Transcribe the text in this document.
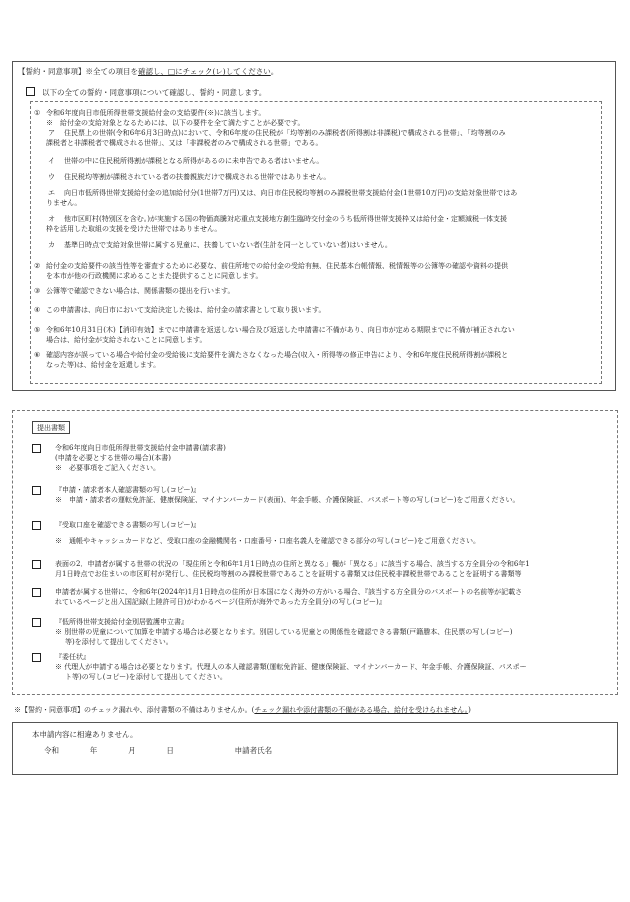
【誓約・同意事項】※全ての項目を確認し、□にチェック(レ)してください。
以下の全ての誓約・同意事項について確認し、誓約・同意します。
① 令和6年度向日市低所得世帯支援給付金の支給要件(※)に該当します。
※　給付金の支給対象となるためには、以下の要件を全て満たすことが必要です。
ア 住民票上の世帯(令和6年6月3日時点)において、令和6年度の住民税が「均等割のみ課税者(所得割は非課税)で構成される世帯」、「均等割のみ
課税者と非課税者で構成される世帯」、又は「非課税者のみで構成される世帯」である。
イ 世帯の中に住民税所得割が課税となる所得があるのに未申告である者はいません。
ウ 住民税均等割が課税されている者の扶養親族だけで構成される世帯ではありません。
エ 向日市低所得世帯支援給付金の追加給付分(1世帯7万円)又は、向日市住民税均等割のみ課税世帯支援給付金(1世帯10万円)の支給対象世帯ではあ
りません。
オ 他市区町村(特別区を含む。)が実施する国の物価高騰対応重点支援地方創生臨時交付金のうち低所得世帯支援枠又は給付金・定額減税一体支援
枠を活用した取組の支援を受けた世帯ではありません。
カ 基準日時点で支給対象世帯に属する児童に、扶養していない者(生計を同一としていない者)はいません。
② 給付金の支給要件の該当性等を審査するために必要な、前住所地での給付金の受給有無、住民基本台帳情報、税情報等の公簿等の確認や資料の提供
を本市が他の行政機関に求めることまた提供することに同意します。
③ 公簿等で確認できない場合は、関係書類の提出を行います。
④ この申請書は、向日市において支給決定した後は、給付金の請求書として取り扱います。
⑤ 令和6年10月31日(木)【消印有効】までに申請書を返送しない場合及び返送した申請書に不備があり、向日市が定める期限までに不備が補正されない
場合は、給付金が支給されないことに同意します。
⑥ 確認内容が誤っている場合や給付金の受給後に支給要件を満たさなくなった場合(収入・所得等の修正申告により、令和6年度住民税所得割が課税と
なった等)は、給付金を返還します。
提出書類
令和6年度向日市低所得世帯支援給付金申請書(請求書)
(申請を必要とする世帯の場合)(本書)
※　必要事項をご記入ください。
『申請・請求者本人確認書類の写し(コピー)』
※　申請・請求者の運転免許証、健康保険証、マイナンバーカード(表面)、年金手帳、介護保険証、パスポート等の写し(コピー)をご用意ください。
『受取口座を確認できる書類の写し(コピー)』
※　通帳やキャッシュカードなど、受取口座の金融機関名・口座番号・口座名義人を確認できる部分の写し(コピー)をご用意ください。
表面の2．申請者が属する世帯の状況の「現住所と令和6年1月1日時点の住所と異なる」欄が「異なる」に該当する場合、該当する方全員分の令和6年1
月1日時点でお住まいの市区町村が発行し、住民税均等割のみ課税世帯であることを証明する書類又は住民税非課税世帯であることを証明する書類等
申請者が属する世帯に、令和6年(2024年)1月1日時点の住所が日本国になく海外の方がいる場合、『該当する方全員分のパスポートの名前等が記載さ
れているページと出入国記録(上陸許可日)がわかるページ(住所が海外であった方全員分)の写し(コピー)』
『低所得世帯支援給付金別居監護申立書』
※ 別世帯の児童について加算を申請する場合は必要となります。別居している児童との関係性を確認できる書類(戸籍謄本、住民票の写し(コピー)
等)を添付して提出してください。
『委任状』
※ 代理人が申請する場合は必要となります。代理人の本人確認書類(運転免許証、健康保険証、マイナンバーカード、年金手帳、介護保険証、パスポー
ト等)の写し(コピー)を添付して提出してください。
※【誓約・同意事項】のチェック漏れや、添付書類の不備はありませんか。(チェック漏れや添付書類の不備がある場合、給付を受けられません。)
本申請内容に相違ありません。
令和	年	月	日	申請者氏名
